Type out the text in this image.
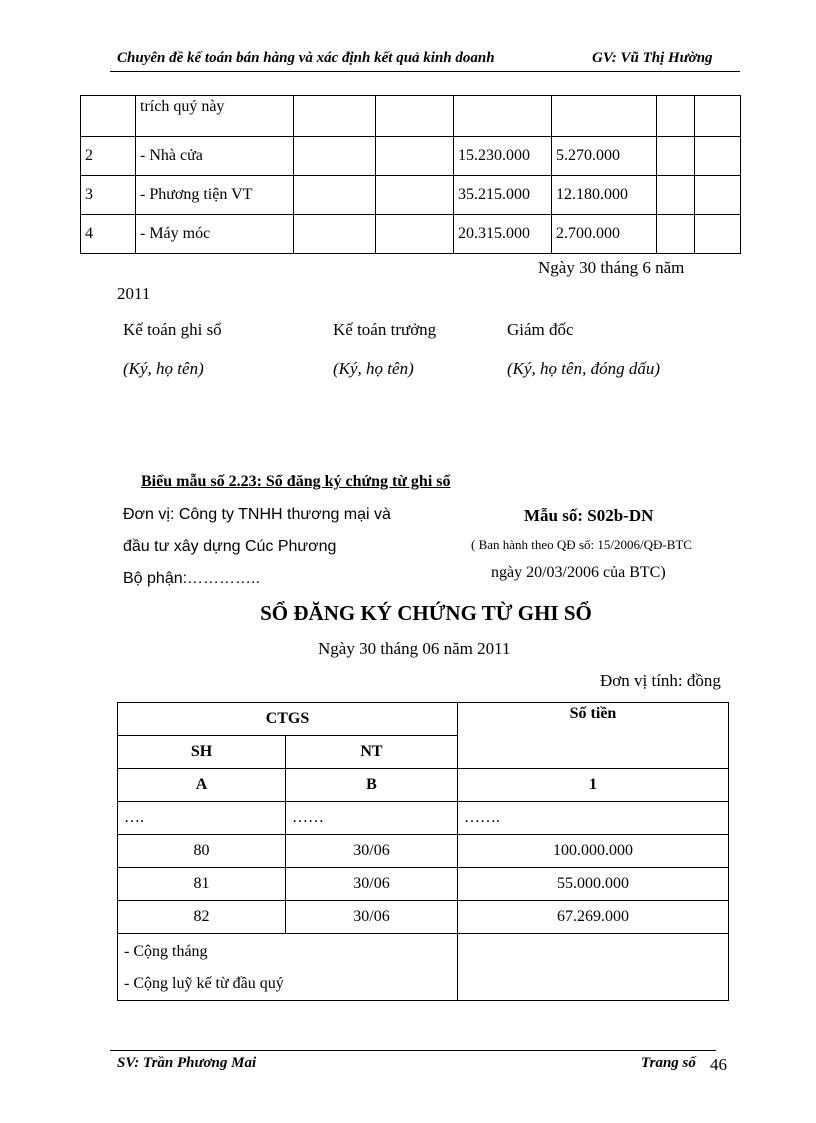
Chuyên đề kế toán bán hàng và xác định kết quả kinh doanh	GV: Vũ Thị Hường
	trích quý này						
2	- Nhà cửa			15.230.000	5.270.000		
3	- Phương tiện VT			35.215.000	12.180.000		
4	- Máy móc			20.315.000	2.700.000		
Ngày 30 tháng 6 năm
2011
Kế toán ghi sổ	Kế toán trưởng	Giám đốc
(Ký, họ tên)	(Ký, họ tên)	(Ký, họ tên, đóng dấu)
Biểu mẫu số 2.23: Sổ đăng ký chứng từ ghi sổ
Đơn vị: Công ty TNHH thương mại và
đầu tư xây dựng Cúc Phương
Bộ phận:…………..
Mẫu số: S02b-DN
( Ban hành theo QĐ số: 15/2006/QĐ-BTC
ngày 20/03/2006 của BTC)
SỔ ĐĂNG KÝ CHỨNG TỪ GHI SỔ
Ngày 30 tháng 06 năm 2011
Đơn vị tính: đồng
CTGS		Số tiền
SH	NT	
A	B	1
….	……	…….
80	30/06	100.000.000
81	30/06	55.000.000
82	30/06	67.269.000

- Cộng tháng
- Cộng luỹ kế từ đầu quý		

SV: Trần Phương Mai	Trang số 46
